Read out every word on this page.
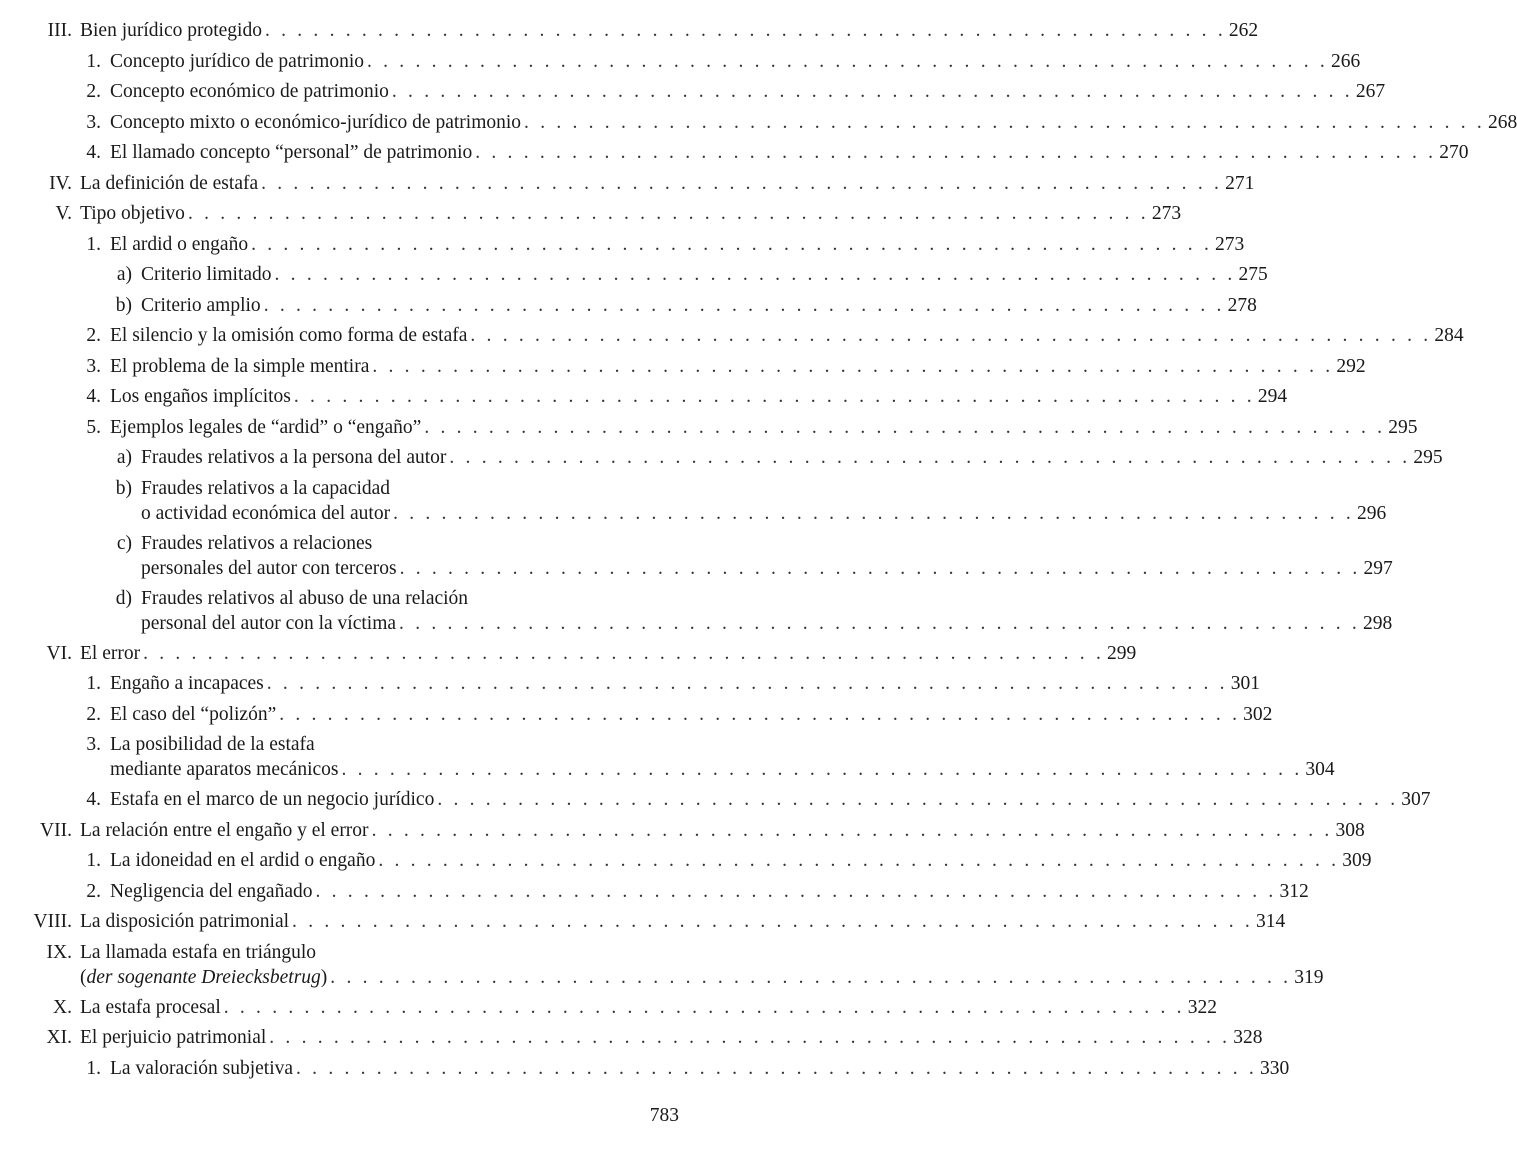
III. Bien jurídico protegido . . . . . . . . . . . . . . . . . . . . . . . . . . . . . . . . . . . . . . . . . . . . . . . . . . . . . . . . . . . . 262
1. Concepto jurídico de patrimonio . . . . . . . . . . . . . . . . . . . . . . . . . . . . . . . . . . . . . . . . . . . . . . . . . . . . . . . . . . . . 266
2. Concepto económico de patrimonio . . . . . . . . . . . . . . . . . . . . . . . . . . . . . . . . . . . . . . . . . . . . . . . . . . . . . . . . . . . . 267
3. Concepto mixto o económico-jurídico de patrimonio . . . . . . . . . . . . . . . . . . . . . . . . . . . . . . . . . . . . . . . . . . . . . . . . . . . . . . . . . . . . 268
4. El llamado concepto “personal” de patrimonio . . . . . . . . . . . . . . . . . . . . . . . . . . . . . . . . . . . . . . . . . . . . . . . . . . . . . . . . . . . . 270
IV. La definición de estafa . . . . . . . . . . . . . . . . . . . . . . . . . . . . . . . . . . . . . . . . . . . . . . . . . . . . . . . . . . . . 271
V. Tipo objetivo . . . . . . . . . . . . . . . . . . . . . . . . . . . . . . . . . . . . . . . . . . . . . . . . . . . . . . . . . . . . 273
1. El ardid o engaño . . . . . . . . . . . . . . . . . . . . . . . . . . . . . . . . . . . . . . . . . . . . . . . . . . . . . . . . . . . . 273
a) Criterio limitado . . . . . . . . . . . . . . . . . . . . . . . . . . . . . . . . . . . . . . . . . . . . . . . . . . . . . . . . . . . . 275
b) Criterio amplio . . . . . . . . . . . . . . . . . . . . . . . . . . . . . . . . . . . . . . . . . . . . . . . . . . . . . . . . . . . . 278
2. El silencio y la omisión como forma de estafa . . . . . . . . . . . . . . . . . . . . . . . . . . . . . . . . . . . . . . . . . . . . . . . . . . . . . . . . . . . . 284
3. El problema de la simple mentira . . . . . . . . . . . . . . . . . . . . . . . . . . . . . . . . . . . . . . . . . . . . . . . . . . . . . . . . . . . . 292
4. Los engaños implícitos . . . . . . . . . . . . . . . . . . . . . . . . . . . . . . . . . . . . . . . . . . . . . . . . . . . . . . . . . . . . 294
5. Ejemplos legales de “ardid” o “engaño” . . . . . . . . . . . . . . . . . . . . . . . . . . . . . . . . . . . . . . . . . . . . . . . . . . . . . . . . . . . . 295
a) Fraudes relativos a la persona del autor . . . . . . . . . . . . . . . . . . . . . . . . . . . . . . . . . . . . . . . . . . . . . . . . . . . . . . . . . . . . 295
b) Fraudes relativos a la capacidad
o actividad económica del autor . . . . . . . . . . . . . . . . . . . . . . . . . . . . . . . . . . . . . . . . . . . . . . . . . . . . . . . . . . . . 296
c) Fraudes relativos a relaciones
personales del autor con terceros . . . . . . . . . . . . . . . . . . . . . . . . . . . . . . . . . . . . . . . . . . . . . . . . . . . . . . . . . . . . 297
d) Fraudes relativos al abuso de una relación
personal del autor con la víctima . . . . . . . . . . . . . . . . . . . . . . . . . . . . . . . . . . . . . . . . . . . . . . . . . . . . . . . . . . . . 298
VI. El error . . . . . . . . . . . . . . . . . . . . . . . . . . . . . . . . . . . . . . . . . . . . . . . . . . . . . . . . . . . . 299
1. Engaño a incapaces . . . . . . . . . . . . . . . . . . . . . . . . . . . . . . . . . . . . . . . . . . . . . . . . . . . . . . . . . . . . 301
2. El caso del “polizón” . . . . . . . . . . . . . . . . . . . . . . . . . . . . . . . . . . . . . . . . . . . . . . . . . . . . . . . . . . . . 302
3. La posibilidad de la estafa
mediante aparatos mecánicos . . . . . . . . . . . . . . . . . . . . . . . . . . . . . . . . . . . . . . . . . . . . . . . . . . . . . . . . . . . . 304
4. Estafa en el marco de un negocio jurídico . . . . . . . . . . . . . . . . . . . . . . . . . . . . . . . . . . . . . . . . . . . . . . . . . . . . . . . . . . . . 307
VII. La relación entre el engaño y el error . . . . . . . . . . . . . . . . . . . . . . . . . . . . . . . . . . . . . . . . . . . . . . . . . . . . . . . . . . . . 308
1. La idoneidad en el ardid o engaño . . . . . . . . . . . . . . . . . . . . . . . . . . . . . . . . . . . . . . . . . . . . . . . . . . . . . . . . . . . . 309
2. Negligencia del engañado . . . . . . . . . . . . . . . . . . . . . . . . . . . . . . . . . . . . . . . . . . . . . . . . . . . . . . . . . . . . 312
VIII. La disposición patrimonial . . . . . . . . . . . . . . . . . . . . . . . . . . . . . . . . . . . . . . . . . . . . . . . . . . . . . . . . . . . . 314
IX. La llamada estafa en triángulo
(der sogenante Dreiecksbetrug) . . . . . . . . . . . . . . . . . . . . . . . . . . . . . . . . . . . . . . . . . . . . . . . . . . . . . . . . . . . . 319
X. La estafa procesal . . . . . . . . . . . . . . . . . . . . . . . . . . . . . . . . . . . . . . . . . . . . . . . . . . . . . . . . . . . . 322
XI. El perjuicio patrimonial . . . . . . . . . . . . . . . . . . . . . . . . . . . . . . . . . . . . . . . . . . . . . . . . . . . . . . . . . . . . 328
1. La valoración subjetiva . . . . . . . . . . . . . . . . . . . . . . . . . . . . . . . . . . . . . . . . . . . . . . . . . . . . . . . . . . . . 330
783
